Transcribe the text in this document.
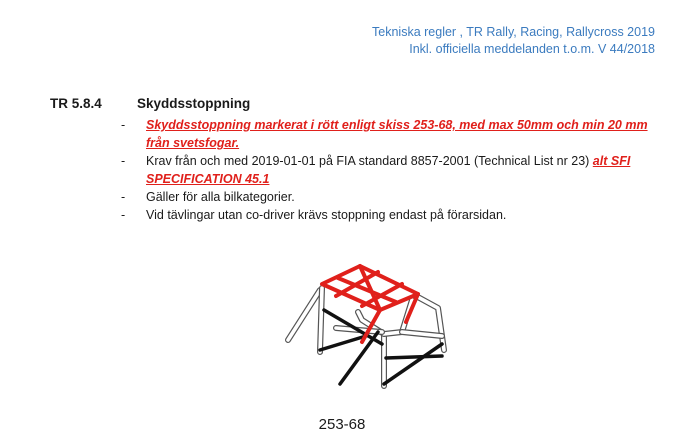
Tekniska regler , TR Rally, Racing, Rallycross 2019
Inkl. officiella meddelanden t.o.m. V 44/2018
TR 5.8.4	Skyddsstoppning
- Skyddsstoppning markerat i rött enligt skiss 253-68, med max 50mm och min 20 mm från svetsfogar.
- Krav från och med 2019-01-01 på FIA standard 8857-2001 (Technical List nr 23) alt SFI SPECIFICATION 45.1
- Gäller för alla bilkategorier.
- Vid tävlingar utan co-driver krävs stoppning endast på förarsidan.
253-68
